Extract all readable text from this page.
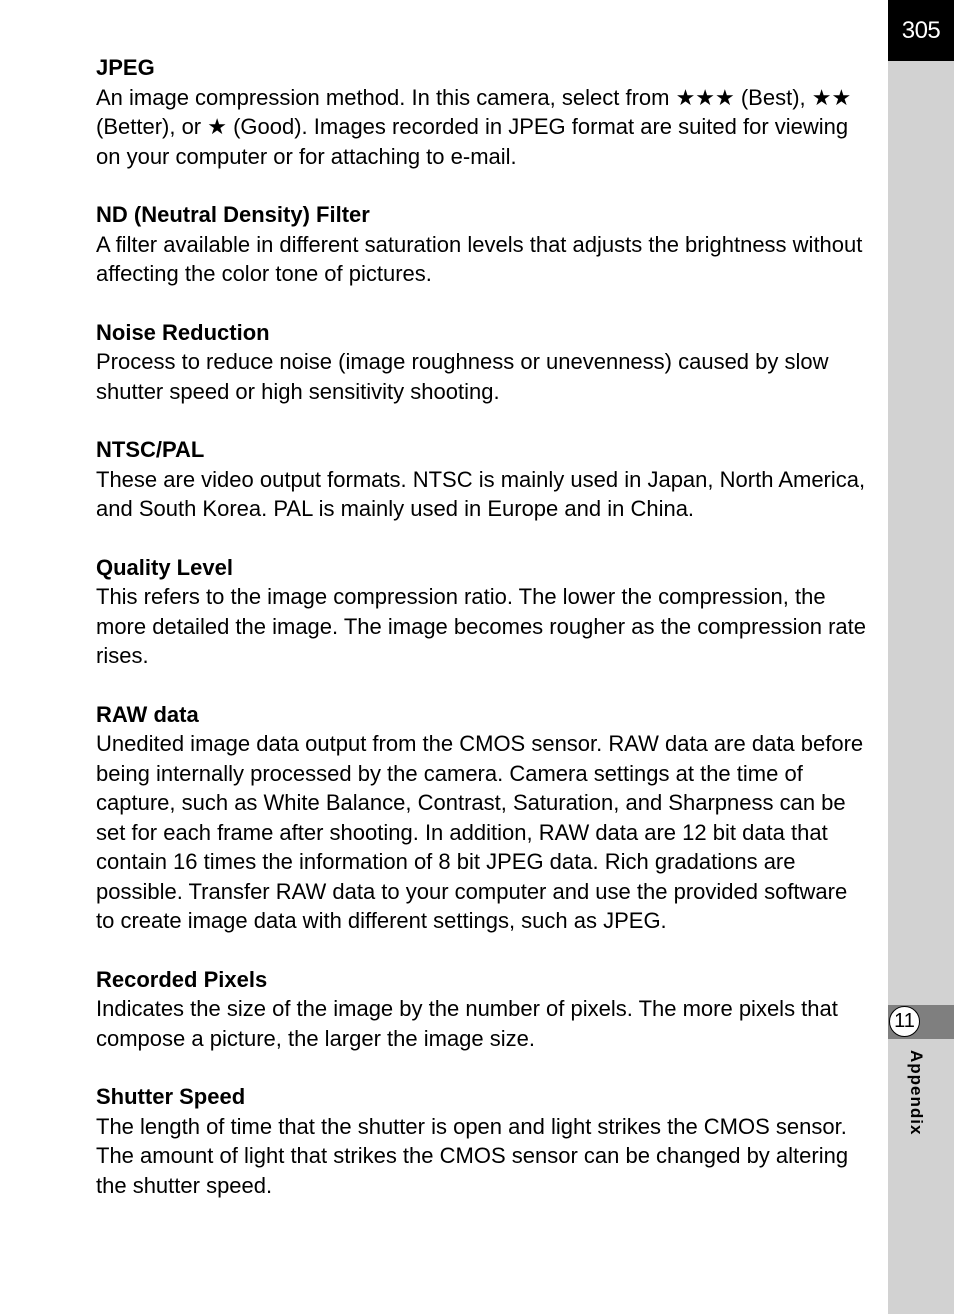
JPEG

An image compression method. In this camera, select from ★★★ (Best), ★★ (Better), or ★ (Good). Images recorded in JPEG format are suited for viewing on your computer or for attaching to e-mail.

ND (Neutral Density) Filter

A filter available in different saturation levels that adjusts the brightness without affecting the color tone of pictures.

Noise Reduction

Process to reduce noise (image roughness or unevenness) caused by slow shutter speed or high sensitivity shooting.

NTSC/PAL

These are video output formats. NTSC is mainly used in Japan, North America, and South Korea. PAL is mainly used in Europe and in China.

Quality Level

This refers to the image compression ratio. The lower the compression, the more detailed the image. The image becomes rougher as the compression rate rises.

RAW data

Unedited image data output from the CMOS sensor. RAW data are data before being internally processed by the camera. Camera settings at the time of capture, such as White Balance, Contrast, Saturation, and Sharpness can be set for each frame after shooting. In addition, RAW data are 12 bit data that contain 16 times the information of 8 bit JPEG data. Rich gradations are possible. Transfer RAW data to your computer and use the provided software to create image data with different settings, such as JPEG.

Recorded Pixels

Indicates the size of the image by the number of pixels. The more pixels that compose a picture, the larger the image size.

Shutter Speed

The length of time that the shutter is open and light strikes the CMOS sensor. The amount of light that strikes the CMOS sensor can be changed by altering the shutter speed.

305
11
Appendix
